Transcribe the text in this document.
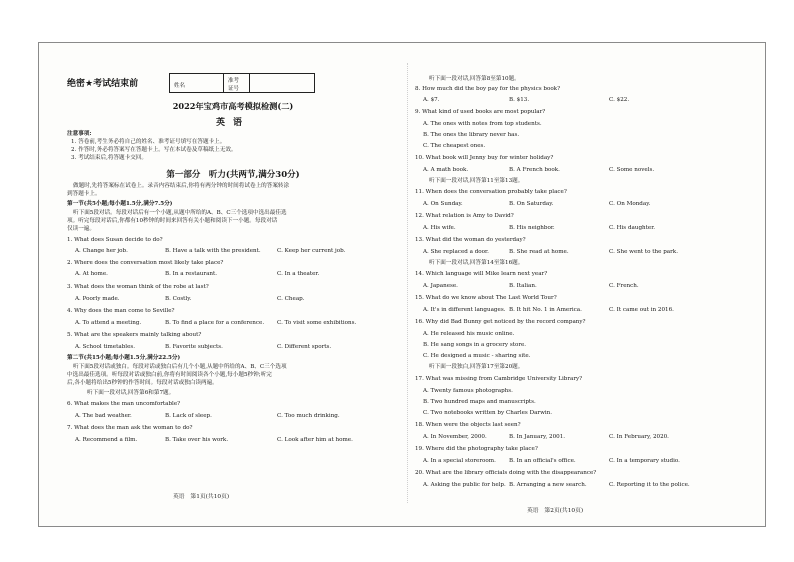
绝密★考试结束前	姓名
准考
证号
2022年宝鸡市高考模拟检测(二)
英语
注意事项:
1. 答卷前,考生务必将自己的姓名、准考证号填写在答题卡上。
2. 作答时,务必将答案写在答题卡上。写在本试卷及草稿纸上无效。
3. 考试结束后,将答题卡交回。
第一部分　听力(共两节,满分30分)
做题时,先将答案标在试卷上。录音内容结束后,你将有两分钟的时间将试卷上的答案转涂
到答题卡上。
第一节(共5小题;每小题1.5分,满分7.5分)
听下面5段对话。每段对话后有一个小题,从题中所给的A、B、C三个选项中选出最佳选
项。听完每段对话后,你都有10秒钟的时间来回答有关小题和阅读下一小题。每段对话
仅读一遍。
1. What does Susan decide to do?
A. Change her job.	B. Have a talk with the president.	C. Keep her current job.
2. Where does the conversation most likely take place?
A. At home.	B. In a restaurant.	C. In a theater.
3. What does the woman think of the robe at last?
A. Poorly made.	B. Costly.	C. Cheap.
4. Why does the man come to Seville?
A. To attend a meeting.	B. To find a place for a conference. C. To visit some exhibitions.
5. What are the speakers mainly talking about?
A. School timetables.	B. Favorite subjects.	C. Different sports.
第二节(共15小题;每小题1.5分,满分22.5分)
听下面5段对话或独白。每段对话或独白后有几个小题,从题中所给的A、B、C三个选项
中选出最佳选项。听每段对话或独白前,你将有时间阅读各个小题,每小题5秒钟;听完
后,各小题将给出5秒钟的作答时间。每段对话或独白读两遍。
听下面一段对话,回答第6和第7题。
6. What makes the man uncomfortable?
A. The bad weather.	B. Lack of sleep.	C. Too much drinking.
7. What does the man ask the woman to do?
A. Recommend a film.	B. Take over his work.	C. Look after him at home.
英语　第1页(共10页)
听下面一段对话,回答第8至第10题。
8. How much did the boy pay for the physics book?
A. $7.	B. $13.	C. $22.
9. What kind of used books are most popular?
A. The ones with notes from top students.
B. The ones the library never has.
C. The cheapest ones.
10. What book will Jenny buy for winter holiday?
A. A math book.	B. A French book.	C. Some novels.
听下面一段对话,回答第11至第13题。
11. When does the conversation probably take place?
A. On Sunday.	B. On Saturday.	C. On Monday.
12. What relation is Amy to David?
A. His wife.	B. His neighbor.	C. His daughter.
13. What did the woman do yesterday?
A. She replaced a door.	B. She read at home.	C. She went to the park.
听下面一段对话,回答第14至第16题。
14. Which language will Mike learn next year?
A. Japanese.	B. Italian.	C. French.
15. What do we know about The Last World Tour?
A. It's in different languages. B. It hit No. 1 in America.	C. It came out in 2016.
16. Why did Bad Bunny get noticed by the record company?
A. He released his music online.
B. He sang songs in a grocery store.
C. He designed a music - sharing site.
听下面一段独白,回答第17至第20题。
17. What was missing from Cambridge University Library?
A. Twenty famous photographs.
B. Two hundred maps and manuscripts.
C. Two notebooks written by Charles Darwin.
18. When were the objects last seen?
A. In November, 2000.	B. In January, 2001.	C. In February, 2020.
19. Where did the photography take place?
A. In a special storeroom. B. In an official's office.	C. In a temporary studio.
20. What are the library officials doing with the disappearance?
A. Asking the public for help. B. Arranging a new search.	C. Reporting it to the police.
英语　第2页(共10页)
